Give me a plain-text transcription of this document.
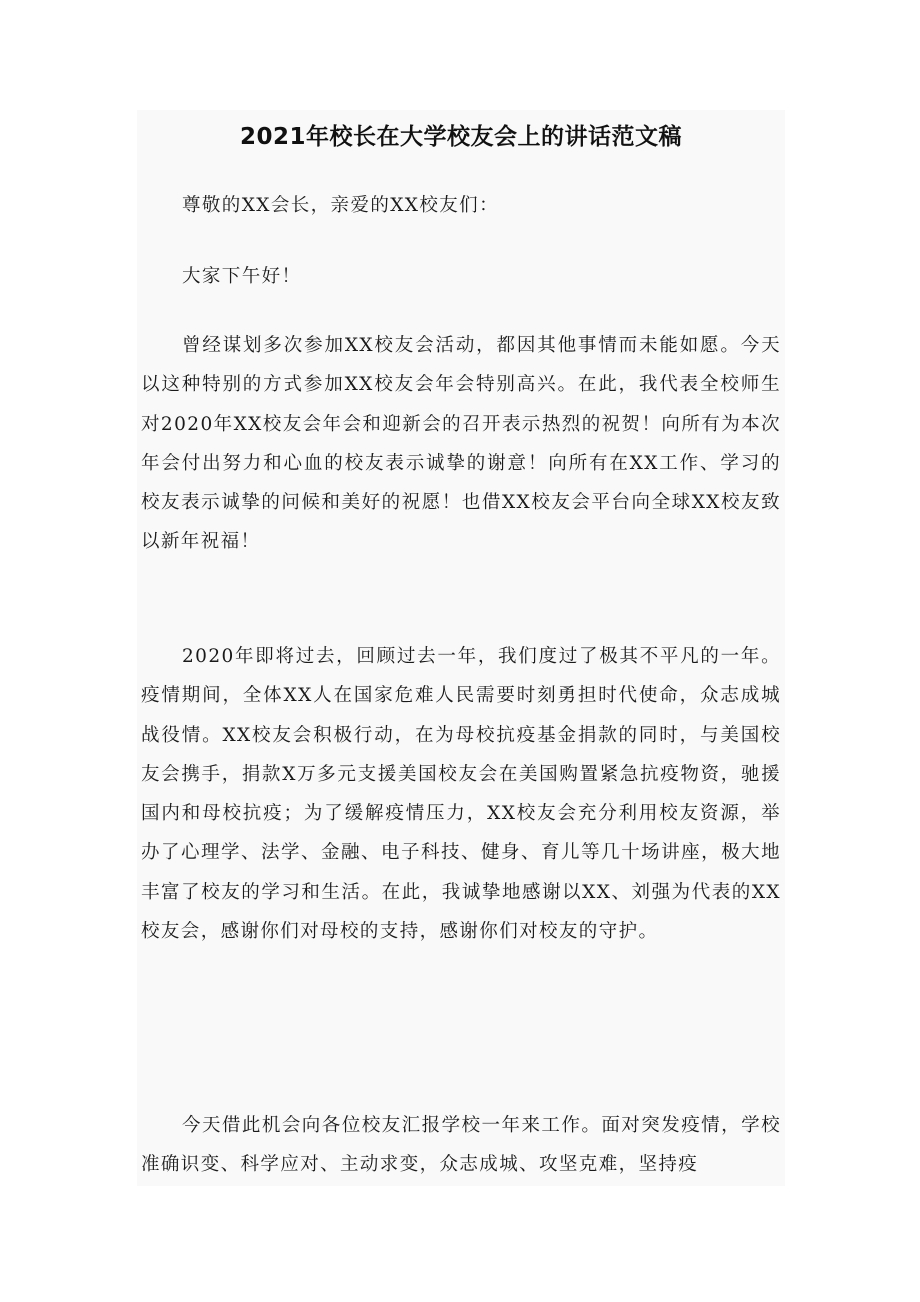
2021年校长在大学校友会上的讲话范文稿

尊敬的XX会长，亲爱的XX校友们：

大家下午好！

曾经谋划多次参加XX校友会活动，都因其他事情而未能如愿。今天以这种特别的方式参加XX校友会年会特别高兴。在此，我代表全校师生对2020年XX校友会年会和迎新会的召开表示热烈的祝贺！向所有为本次年会付出努力和心血的校友表示诚挚的谢意！向所有在XX工作、学习的校友表示诚挚的问候和美好的祝愿！也借XX校友会平台向全球XX校友致以新年祝福！

2020年即将过去，回顾过去一年，我们度过了极其不平凡的一年。疫情期间，全体XX人在国家危难人民需要时刻勇担时代使命，众志成城战役情。XX校友会积极行动，在为母校抗疫基金捐款的同时，与美国校友会携手，捐款X万多元支援美国校友会在美国购置紧急抗疫物资，驰援国内和母校抗疫；为了缓解疫情压力，XX校友会充分利用校友资源，举办了心理学、法学、金融、电子科技、健身、育儿等几十场讲座，极大地丰富了校友的学习和生活。在此，我诚挚地感谢以XX、刘强为代表的XX校友会，感谢你们对母校的支持，感谢你们对校友的守护。

今天借此机会向各位校友汇报学校一年来工作。面对突发疫情，学校准确识变、科学应对、主动求变，众志成城、攻坚克难，坚持疫
